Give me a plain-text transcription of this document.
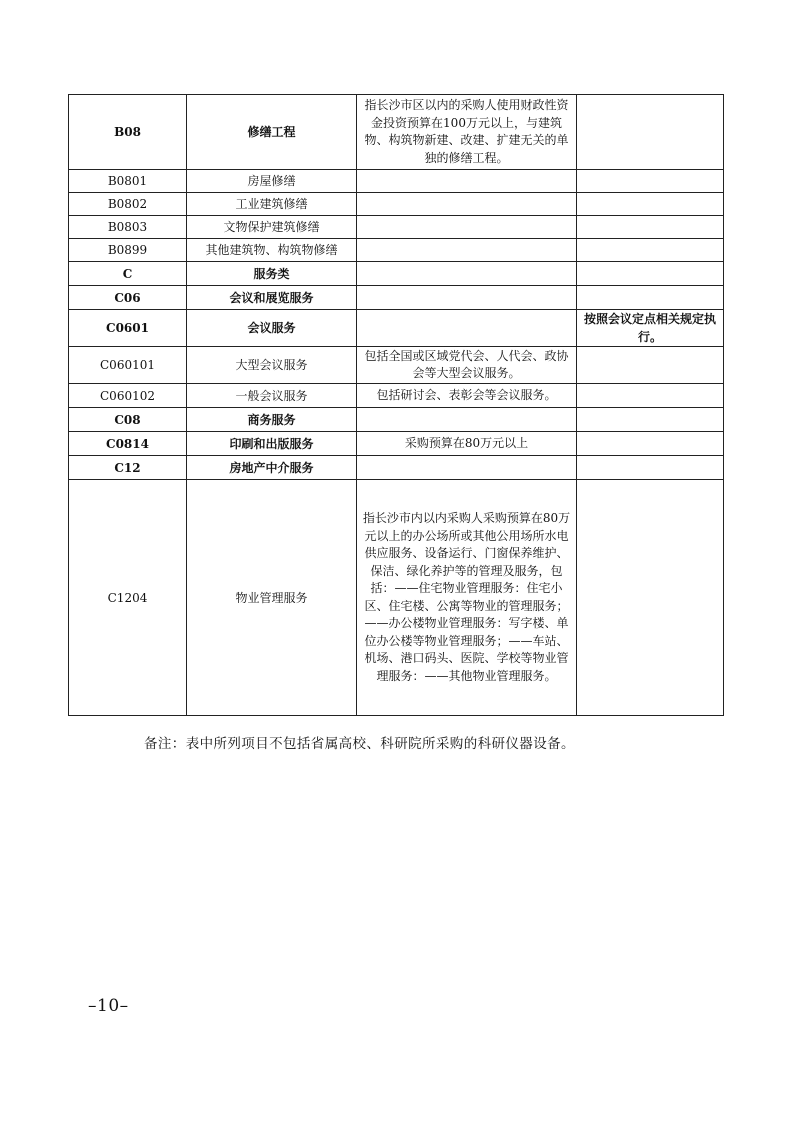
B08	修缮工程	指长沙市区以内的采购人使用财政性资金投资预算在100万元以上，与建筑物、构筑物新建、改建、扩建无关的单独的修缮工程。	
B0801	房屋修缮		
B0802	工业建筑修缮		
B0803	文物保护建筑修缮		
B0899	其他建筑物、构筑物修缮		
C	服务类		
C06	会议和展览服务		
C0601	会议服务		按照会议定点相关规定执行。
C060101	大型会议服务	包括全国或区域党代会、人代会、政协会等大型会议服务。	
C060102	一般会议服务	包括研讨会、表彰会等会议服务。	
C08	商务服务		
C0814	印刷和出版服务	采购预算在80万元以上	
C12	房地产中介服务		
C1204	物业管理服务	指长沙市内以内采购人采购预算在80万元以上的办公场所或其他公用场所水电供应服务、设备运行、门窗保养维护、保洁、绿化养护等的管理及服务，包括：——住宅物业管理服务：住宅小区、住宅楼、公寓等物业的管理服务；——办公楼物业管理服务：写字楼、单位办公楼等物业管理服务；——车站、机场、港口码头、医院、学校等物业管理服务：——其他物业管理服务。	
备注：表中所列项目不包括省属高校、科研院所采购的科研仪器设备。
–10–
